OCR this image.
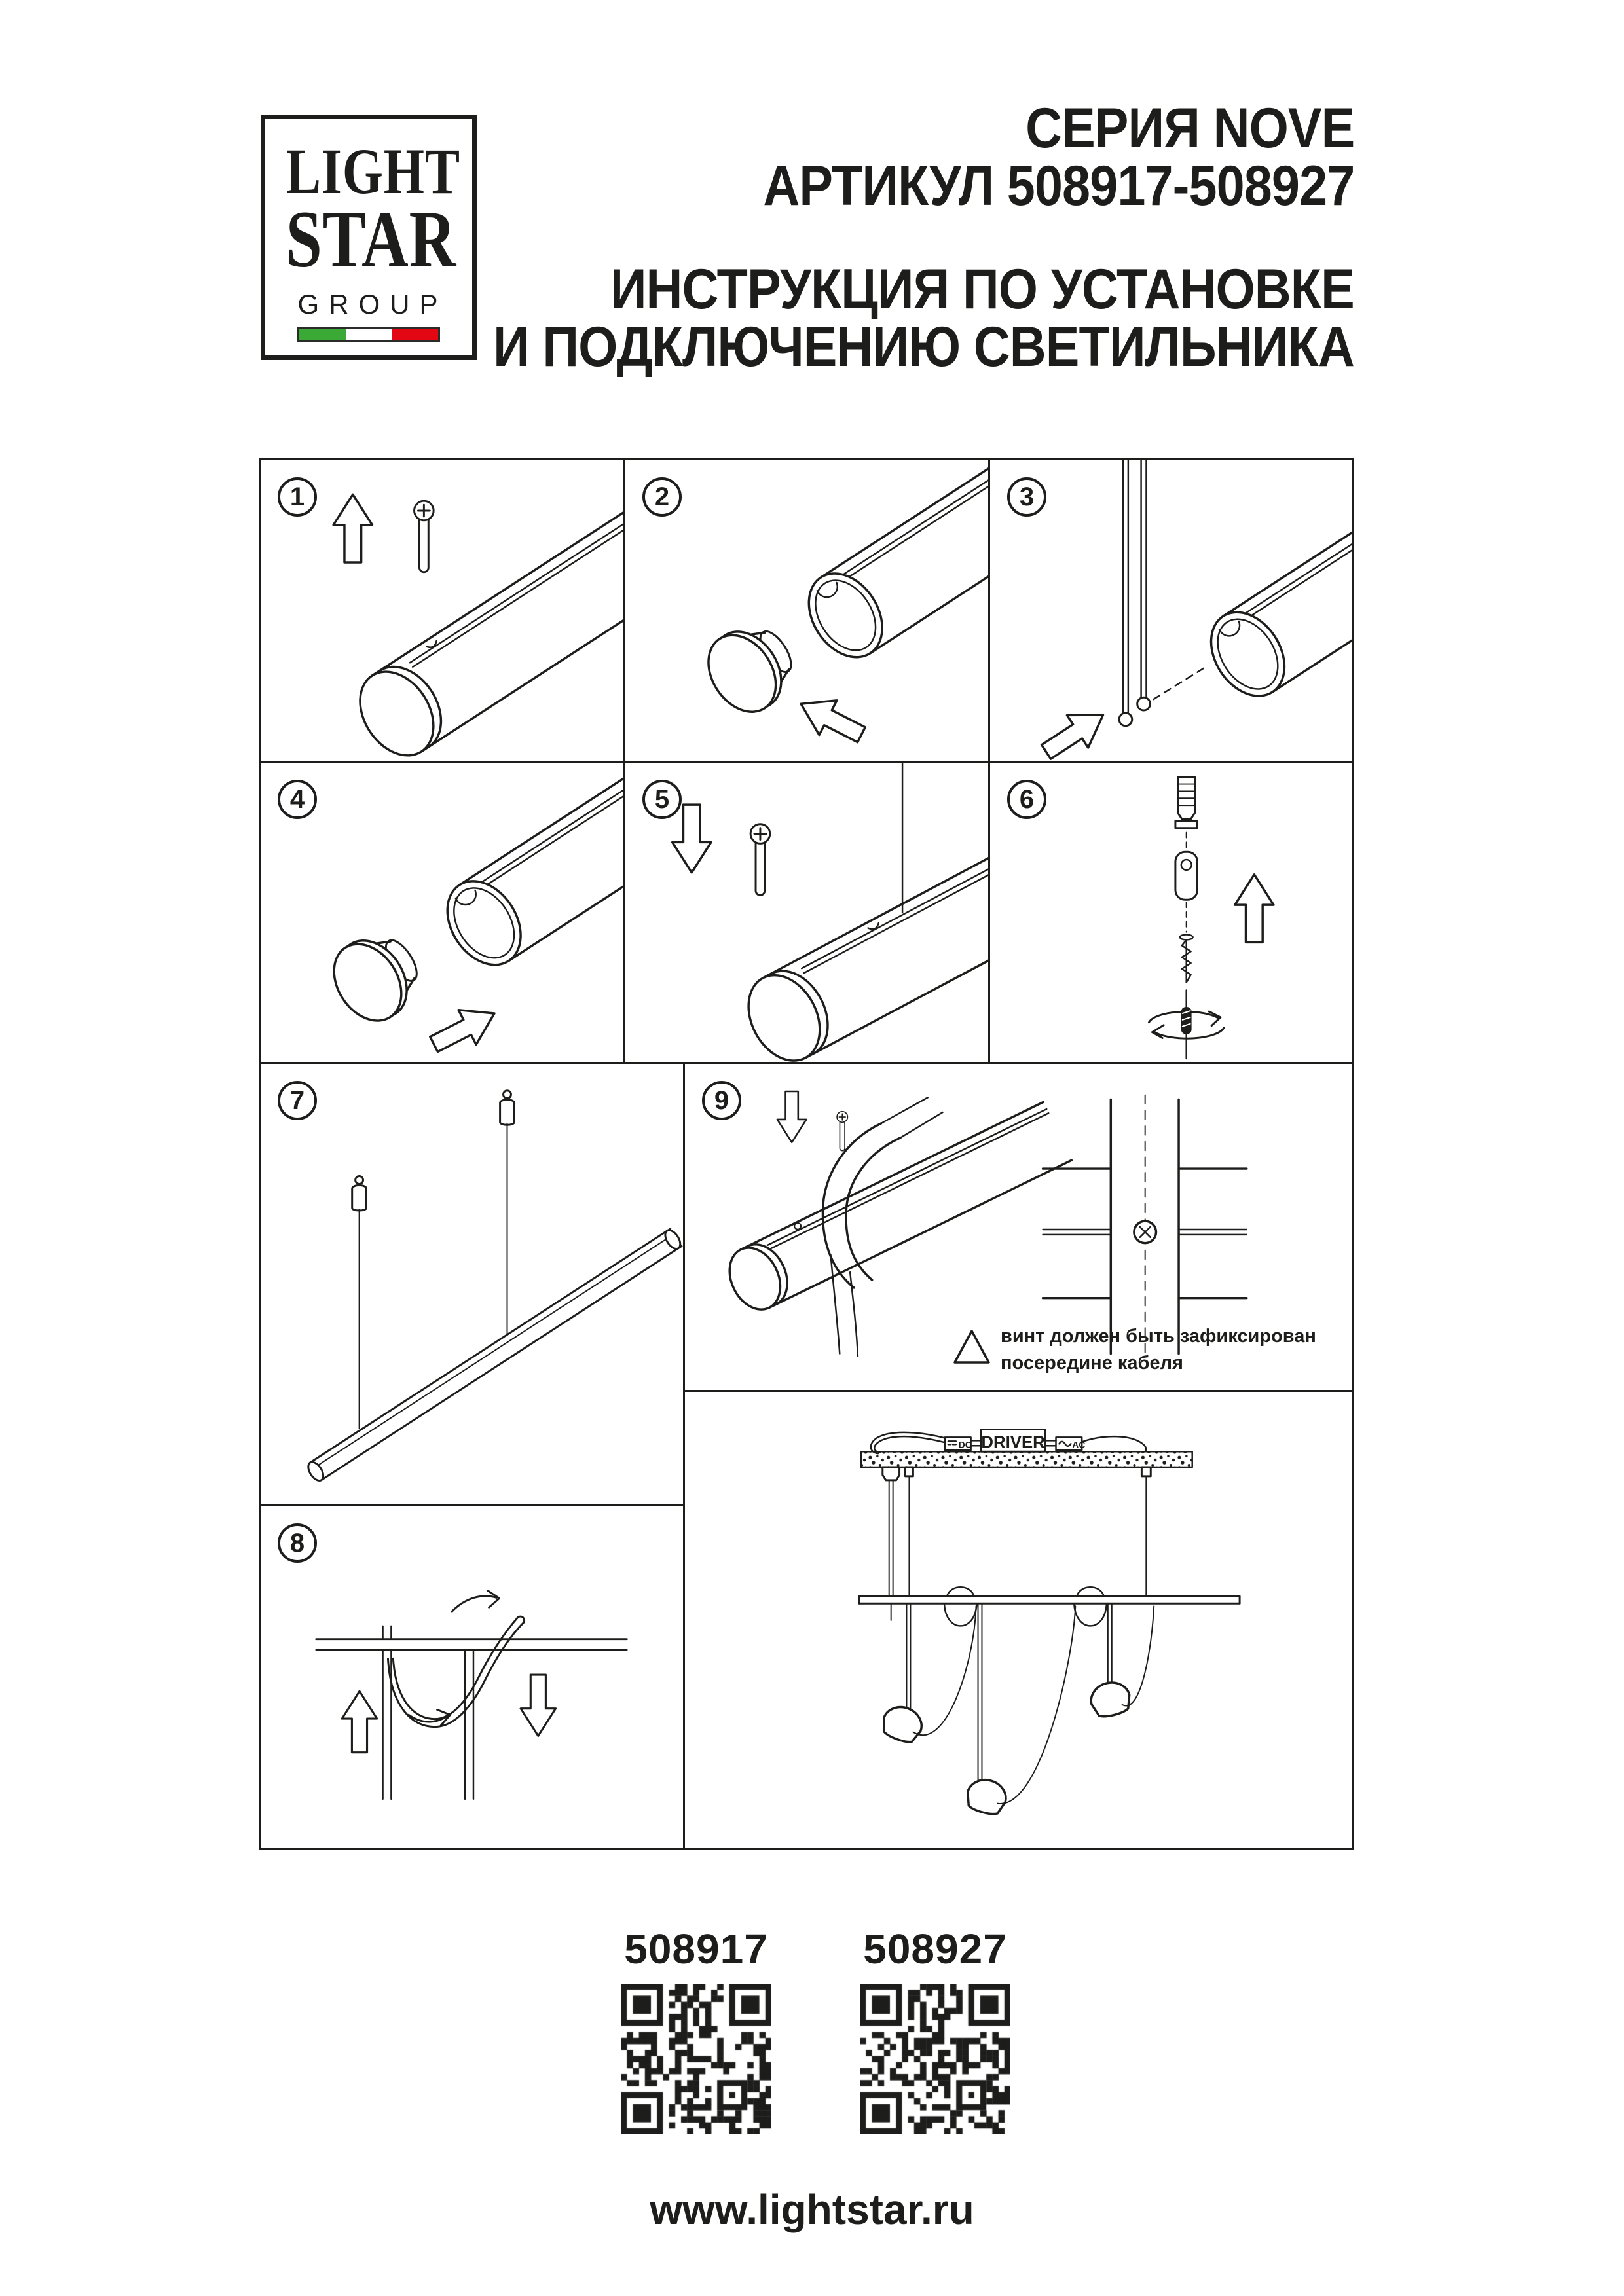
LIGHT
STAR
GROUP
СЕРИЯ NOVE
АРТИКУЛ 508917-508927
ИНСТРУКЦИЯ ПО УСТАНОВКЕ
И ПОДКЛЮЧЕНИЮ СВЕТИЛЬНИКА
1	2	3
4	5	6
7
8
9
винт должен быть зафиксирован
посередине кабеля
DRIVER
DC	AC
508917 508927
www.lightstar.ru
